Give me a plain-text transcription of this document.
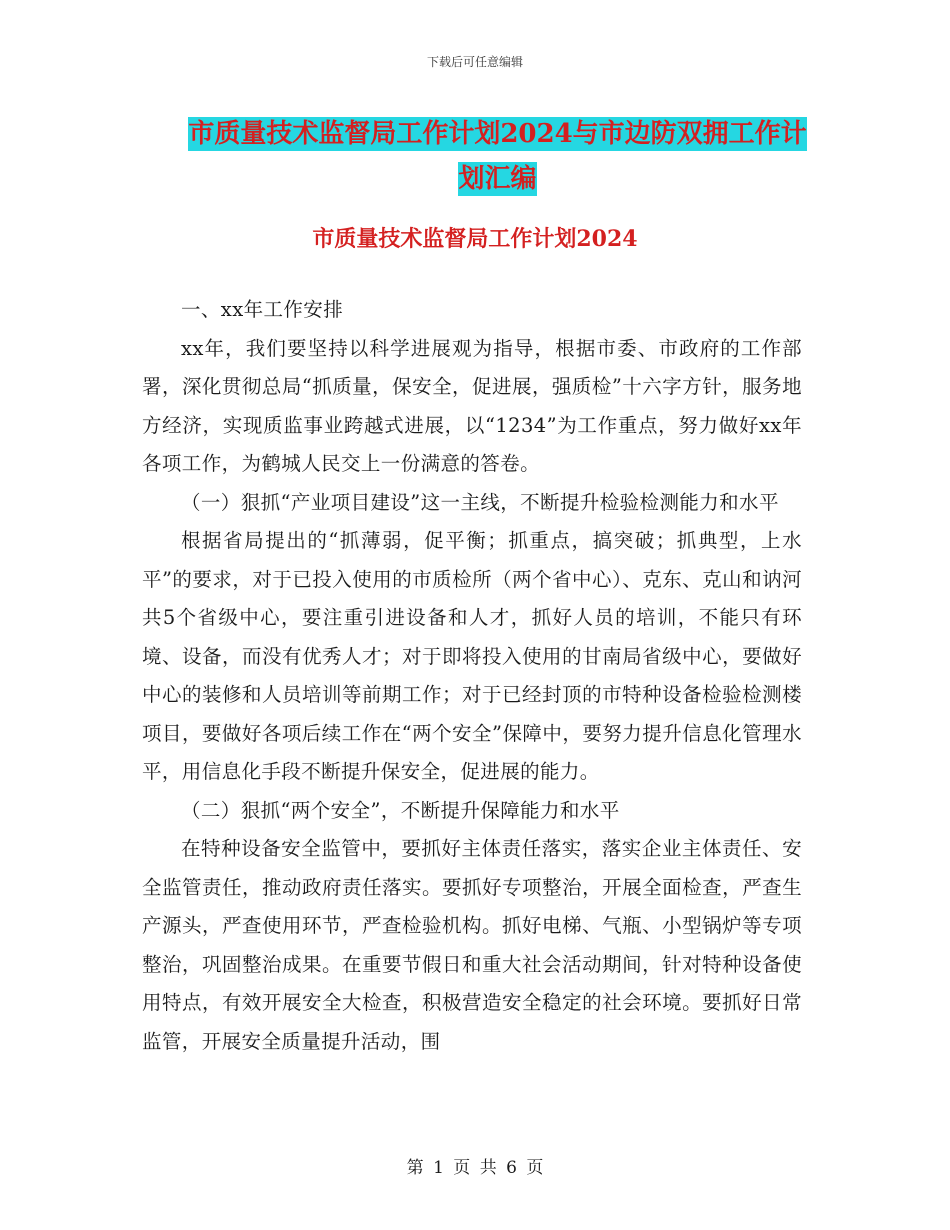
下载后可任意编辑
市质量技术监督局工作计划2024与市边防双拥工作计划汇编
市质量技术监督局工作计划2024

一、xx年工作安排

xx年，我们要坚持以科学进展观为指导，根据市委、市政府的工作部署，深化贯彻总局“抓质量，保安全，促进展，强质检”十六字方针，服务地方经济，实现质监事业跨越式进展，以“1234”为工作重点，努力做好xx年各项工作，为鹤城人民交上一份满意的答卷。

（一）狠抓“产业项目建设”这一主线，不断提升检验检测能力和水平

根据省局提出的“抓薄弱，促平衡；抓重点，搞突破；抓典型，上水平”的要求，对于已投入使用的市质检所（两个省中心）、克东、克山和讷河共5个省级中心，要注重引进设备和人才，抓好人员的培训，不能只有环境、设备，而没有优秀人才；对于即将投入使用的甘南局省级中心，要做好中心的装修和人员培训等前期工作；对于已经封顶的市特种设备检验检测楼项目，要做好各项后续工作在“两个安全”保障中，要努力提升信息化管理水平，用信息化手段不断提升保安全，促进展的能力。

（二）狠抓“两个安全”，不断提升保障能力和水平

在特种设备安全监管中，要抓好主体责任落实，落实企业主体责任、安全监管责任，推动政府责任落实。要抓好专项整治，开展全面检查，严查生产源头，严查使用环节，严查检验机构。抓好电梯、气瓶、小型锅炉等专项整治，巩固整治成果。在重要节假日和重大社会活动期间，针对特种设备使用特点，有效开展安全大检查，积极营造安全稳定的社会环境。要抓好日常监管，开展安全质量提升活动，围

第 1 页 共 6 页
